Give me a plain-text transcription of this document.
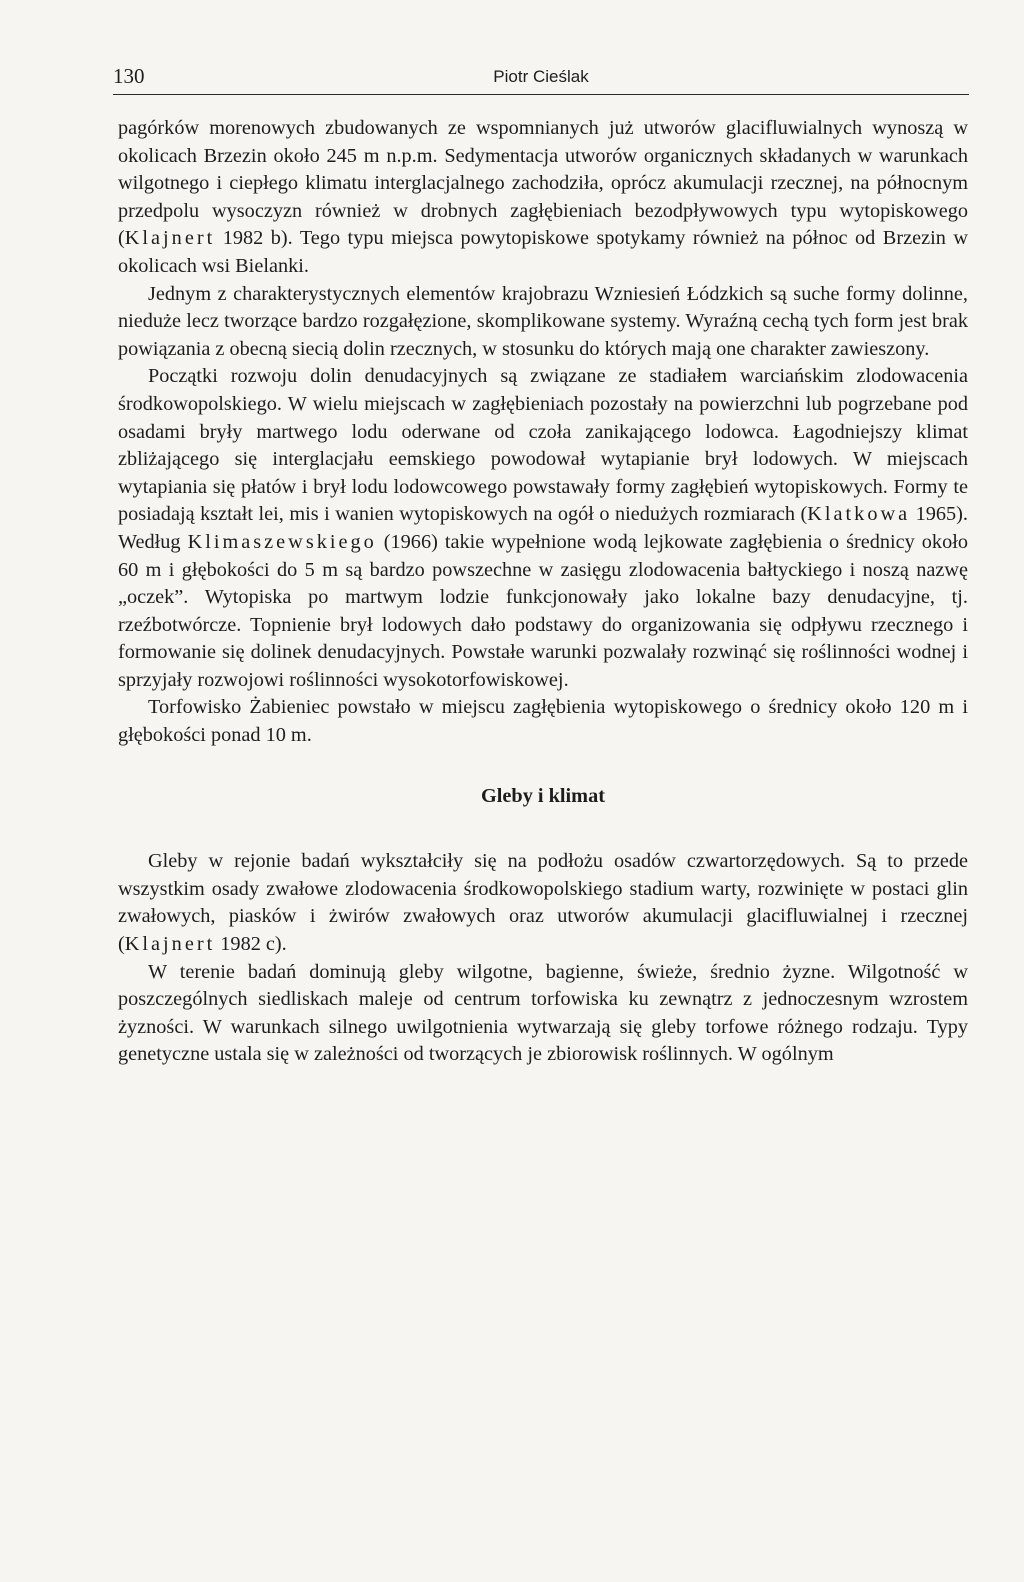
130	Piotr Cieślak

pagórków morenowych zbudowanych ze wspomnianych już utworów glacifluwialnych wynoszą w okolicach Brzezin około 245 m n.p.m. Sedymentacja utworów organicznych składanych w warunkach wilgotnego i ciepłego klimatu interglacjalnego zachodziła, oprócz akumulacji rzecznej, na północnym przedpolu wysoczyzn również w drobnych zagłębieniach bezodpływowych typu wytopiskowego (Klajnert 1982 b). Tego typu miejsca powytopiskowe spotykamy również na północ od Brzezin w okolicach wsi Bielanki.

Jednym z charakterystycznych elementów krajobrazu Wzniesień Łódzkich są suche formy dolinne, nieduże lecz tworzące bardzo rozgałęzione, skomplikowane systemy. Wyraźną cechą tych form jest brak powiązania z obecną siecią dolin rzecznych, w stosunku do których mają one charakter zawieszony.

Początki rozwoju dolin denudacyjnych są związane ze stadiałem warciańskim zlodowacenia środkowopolskiego. W wielu miejscach w zagłębieniach pozostały na powierzchni lub pogrzebane pod osadami bryły martwego lodu oderwane od czoła zanikającego lodowca. Łagodniejszy klimat zbliżającego się interglacjału eemskiego powodował wytapianie brył lodowych. W miejscach wytapiania się płatów i brył lodu lodowcowego powstawały formy zagłębień wytopiskowych. Formy te posiadają kształt lei, mis i wanien wytopiskowych na ogół o niedużych rozmiarach (Klatkowa 1965). Według Klimaszewskiego (1966) takie wypełnione wodą lejkowate zagłębienia o średnicy około 60 m i głębokości do 5 m są bardzo powszechne w zasięgu zlodowacenia bałtyckiego i noszą nazwę „oczek”. Wytopiska po martwym lodzie funkcjonowały jako lokalne bazy denudacyjne, tj. rzeźbotwórcze. Topnienie brył lodowych dało podstawy do organizowania się odpływu rzecznego i formowanie się dolinek denudacyjnych. Powstałe warunki pozwalały rozwinąć się roślinności wodnej i sprzyjały rozwojowi roślinności wysokotorfowiskowej.

Torfowisko Żabieniec powstało w miejscu zagłębienia wytopiskowego o średnicy około 120 m i głębokości ponad 10 m.

Gleby i klimat

Gleby w rejonie badań wykształciły się na podłożu osadów czwartorzędowych. Są to przede wszystkim osady zwałowe zlodowacenia środkowopolskiego stadium warty, rozwinięte w postaci glin zwałowych, piasków i żwirów zwałowych oraz utworów akumulacji glacifluwialnej i rzecznej (Klajnert 1982 c).

W terenie badań dominują gleby wilgotne, bagienne, świeże, średnio żyzne. Wilgotność w poszczególnych siedliskach maleje od centrum torfowiska ku zewnątrz z jednoczesnym wzrostem żyzności. W warunkach silnego uwilgotnienia wytwarzają się gleby torfowe różnego rodzaju. Typy genetyczne ustala się w zależności od tworzących je zbiorowisk roślinnych. W ogólnym
